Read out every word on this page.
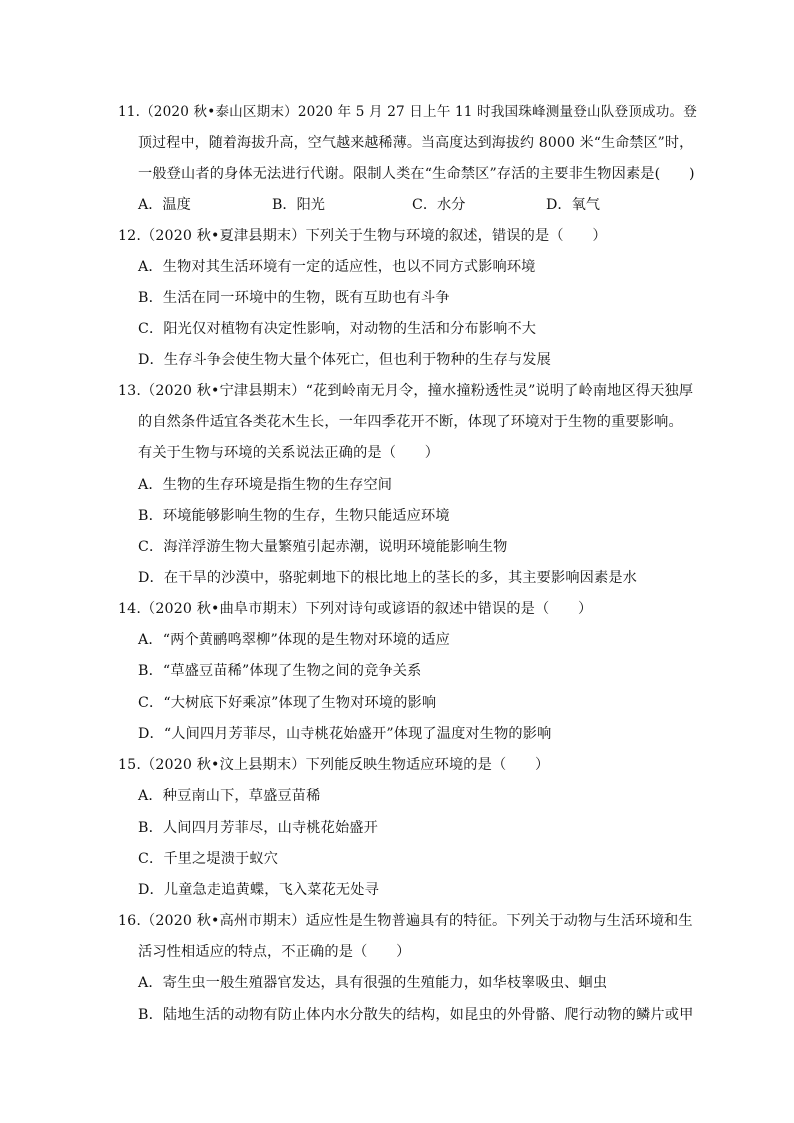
11.（2020 秋•泰山区期末）2020 年 5 月 27 日上午 11 时我国珠峰测量登山队登顶成功。登
顶过程中，随着海拔升高，空气越来越稀薄。当高度达到海拔约 8000 米“生命禁区”时，
一般登山者的身体无法进行代谢。限制人类在“生命禁区”存活的主要非生物因素是(　　)
A．温度	B．阳光	C．水分	D．氧气
12.（2020 秋•夏津县期末）下列关于生物与环境的叙述，错误的是（　　）
A．生物对其生活环境有一定的适应性，也以不同方式影响环境
B．生活在同一环境中的生物，既有互助也有斗争
C．阳光仅对植物有决定性影响，对动物的生活和分布影响不大
D．生存斗争会使生物大量个体死亡，但也利于物种的生存与发展
13.（2020 秋•宁津县期末）“花到岭南无月令，撞水撞粉透性灵”说明了岭南地区得天独厚
的自然条件适宜各类花木生长，一年四季花开不断，体现了环境对于生物的重要影响。
有关于生物与环境的关系说法正确的是（　　）
A．生物的生存环境是指生物的生存空间
B．环境能够影响生物的生存，生物只能适应环境
C．海洋浮游生物大量繁殖引起赤潮，说明环境能影响生物
D．在干旱的沙漠中，骆驼刺地下的根比地上的茎长的多，其主要影响因素是水
14.（2020 秋•曲阜市期末）下列对诗句或谚语的叙述中错误的是（　　）
A．“两个黄鹂鸣翠柳”体现的是生物对环境的适应
B．“草盛豆苗稀”体现了生物之间的竞争关系
C．“大树底下好乘凉”体现了生物对环境的影响
D．“人间四月芳菲尽，山寺桃花始盛开”体现了温度对生物的影响
15.（2020 秋•汶上县期末）下列能反映生物适应环境的是（　　）
A．种豆南山下，草盛豆苗稀
B．人间四月芳菲尽，山寺桃花始盛开
C．千里之堤溃于蚁穴
D．儿童急走追黄蝶，飞入菜花无处寻
16.（2020 秋•高州市期末）适应性是生物普遍具有的特征。下列关于动物与生活环境和生
活习性相适应的特点，不正确的是（　　）
A．寄生虫一般生殖器官发达，具有很强的生殖能力，如华枝睾吸虫、蛔虫
B．陆地生活的动物有防止体内水分散失的结构，如昆虫的外骨骼、爬行动物的鳞片或甲
